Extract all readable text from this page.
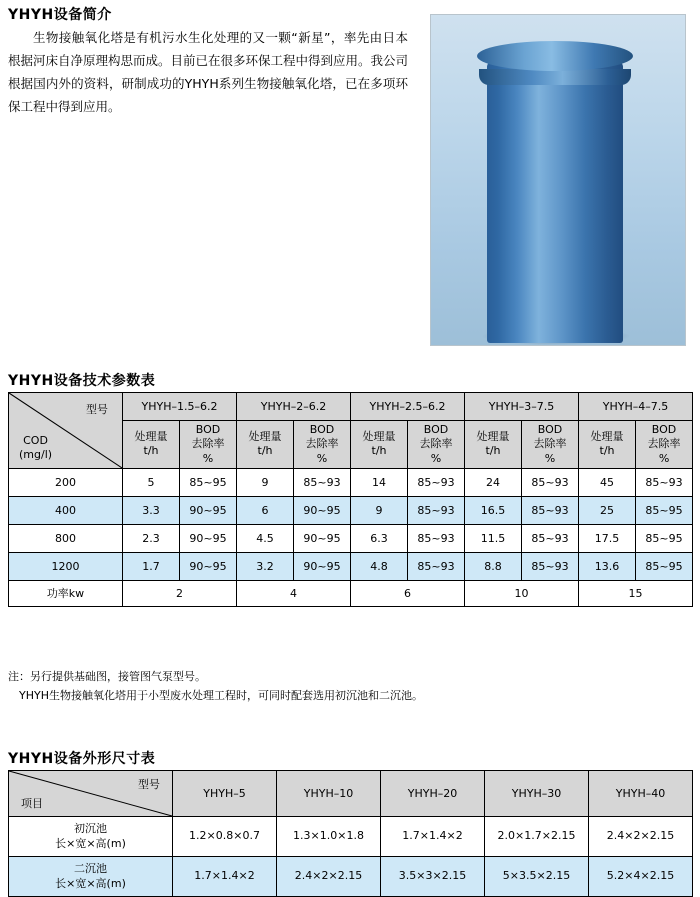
YHYH设备简介

生物接触氧化塔是有机污水生化处理的又一颗“新星”，率先由日本根据河床自净原理构思而成。目前已在很多环保工程中得到应用。我公司根据国内外的资料，研制成功的YHYH系列生物接触氧化塔，已在多项环保工程中得到应用。

YHYH设备技术参数表
型号
COD
(mg/l)	YHYH–1.5–6.2		YHYH–2–6.2		YHYH–2.5–6.2		YHYH–3–7.5		YHYH–4–7.5	
	处理量
t/h	BOD
去除率
%	处理量
t/h	BOD
去除率
%	处理量
t/h	BOD
去除率
%	处理量
t/h	BOD
去除率
%	处理量
t/h	BOD
去除率
%
200	5	85~95	9	85~93	14	85~93	24	85~93	45	85~93
400	3.3	90~95	6	90~95	9	85~93	16.5	85~93	25	85~95
800	2.3	90~95	4.5	90~95	6.3	85~93	11.5	85~93	17.5	85~95
1200	1.7	90~95	3.2	90~95	4.8	85~93	8.8	85~93	13.6	85~95
功率kw	2		4		6		10		15	
注：另行提供基础图，接管图气泵型号。
YHYH生物接触氧化塔用于小型废水处理工程时，可同时配套选用初沉池和二沉池。
YHYH设备外形尺寸表
型号
项目	YHYH–5	YHYH–10	YHYH–20	YHYH–30	YHYH–40
初沉池
长×宽×高(m)	1.2×0.8×0.7	1.3×1.0×1.8	1.7×1.4×2	2.0×1.7×2.15	2.4×2×2.15
二沉池
长×宽×高(m)	1.7×1.4×2	2.4×2×2.15	3.5×3×2.15	5×3.5×2.15	5.2×4×2.15
